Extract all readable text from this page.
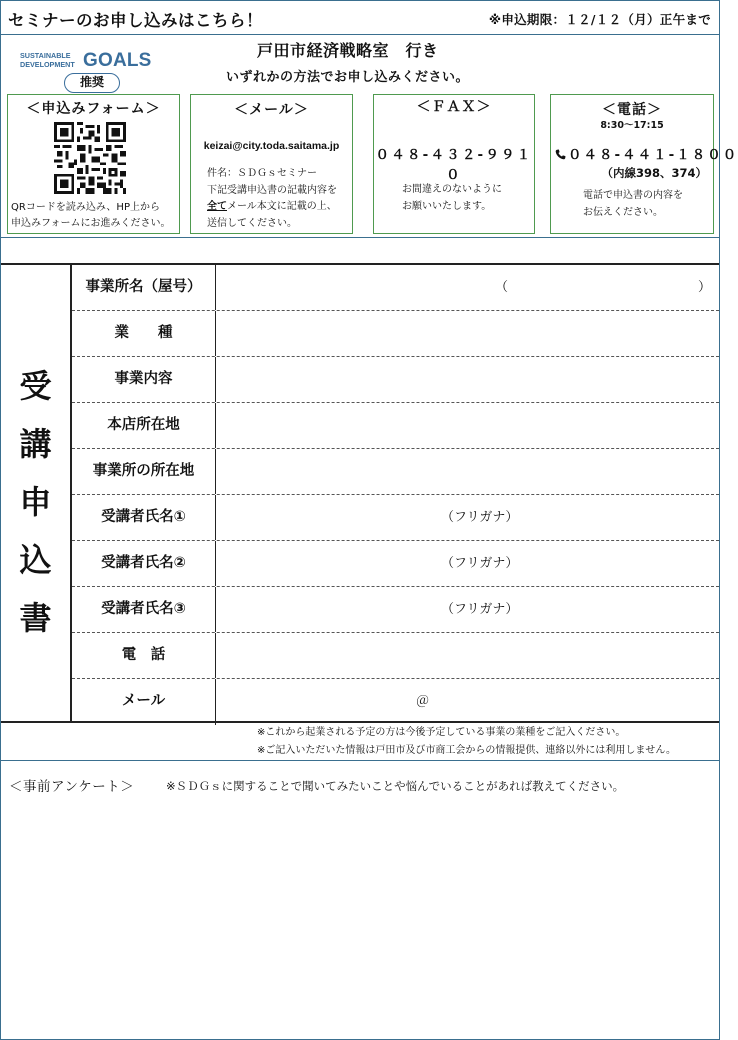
セミナーのお申し込みはこちら！	※申込期限：１２/１２（月）正午まで
SUSTAINABLE
DEVELOPMENT GOALS
推奨
戸田市経済戦略室　行き
いずれかの方法でお申し込みください。
＜申込みフォーム＞
QRコードを読み込み、HP上から
申込みフォームにお進みください。
＜メール＞
keizai@city.toda.saitama.jp
件名：ＳＤＧｓセミナー
下記受講申込書の記載内容を
全てメール本文に記載の上、
送信してください。
＜ＦＡＸ＞
０４８-４３２-９９１０
お間違えのないように
お願いいたします。
＜電話＞
8:30～17:15
０４８-４４１-１８００
（内線398、374）
電話で申込書の内容を
お伝えください。
受
講
申
込
書
事業所名（屋号）	（	）
業　　種
事業内容
本店所在地
事業所の所在地
受講者氏名①	（フリガナ）
受講者氏名②	（フリガナ）
受講者氏名③	（フリガナ）
電　話
メール	＠
※これから起業される予定の方は今後予定している事業の業種をご記入ください。
※ご記入いただいた情報は戸田市及び市商工会からの情報提供、連絡以外には利用しません。
＜事前アンケート＞	※ＳＤＧｓに関することで聞いてみたいことや悩んでいることがあれば教えてください。
